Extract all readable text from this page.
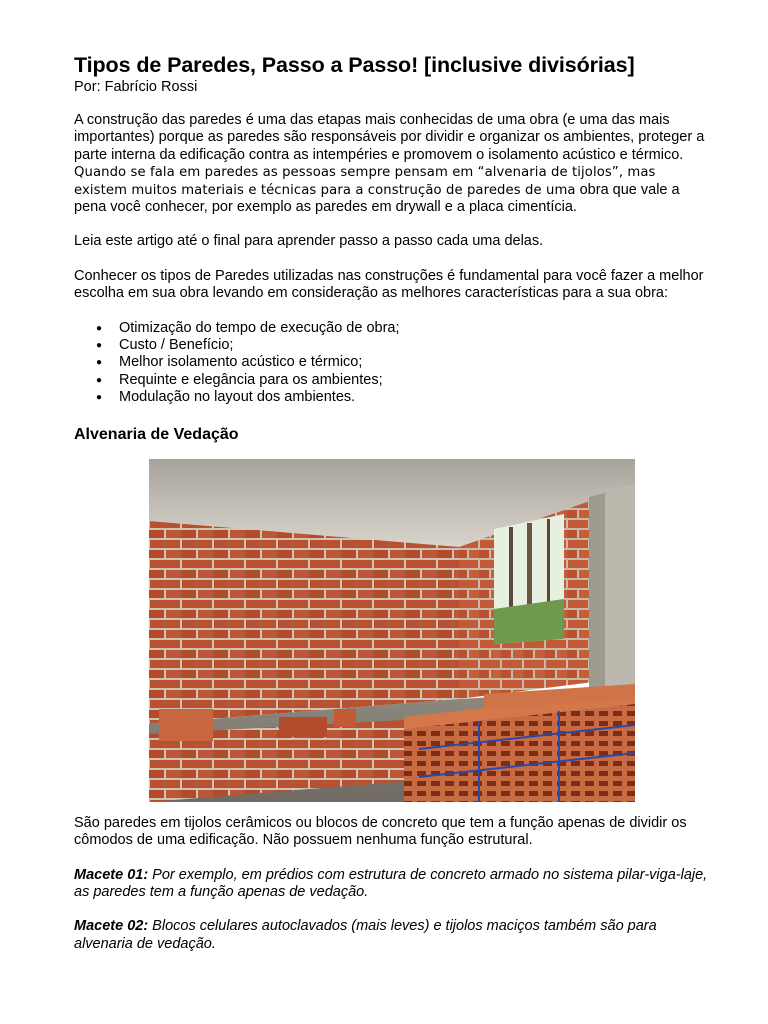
Tipos de Paredes, Passo a Passo! [inclusive divisórias]
Por: Fabrício Rossi

A construção das paredes é uma das etapas mais conhecidas de uma obra (e uma das mais importantes) porque as paredes são responsáveis por dividir e organizar os ambientes, proteger a parte interna da edificação contra as intempéries e promovem o isolamento acústico e térmico. Quando se fala em paredes as pessoas sempre pensam em “alvenaria de tijolos”, mas existem muitos materiais e técnicas para a construção de paredes de uma obra que vale a pena você conhecer, por exemplo as paredes em drywall e a placa cimentícia.

Leia este artigo até o final para aprender passo a passo cada uma delas.

Conhecer os tipos de Paredes utilizadas nas construções é fundamental para você fazer a melhor escolha em sua obra levando em consideração as melhores características para a sua obra:

● Otimização do tempo de execução de obra;
● Custo / Benefício;
● Melhor isolamento acústico e térmico;
● Requinte e elegância para os ambientes;
● Modulação no layout dos ambientes.
Alvenaria de Vedação

São paredes em tijolos cerâmicos ou blocos de concreto que tem a função apenas de dividir os cômodos de uma edificação. Não possuem nenhuma função estrutural.

Macete 01: Por exemplo, em prédios com estrutura de concreto armado no sistema pilar-viga-laje, as paredes tem a função apenas de vedação.

Macete 02: Blocos celulares autoclavados (mais leves) e tijolos maciços também são para alvenaria de vedação.
